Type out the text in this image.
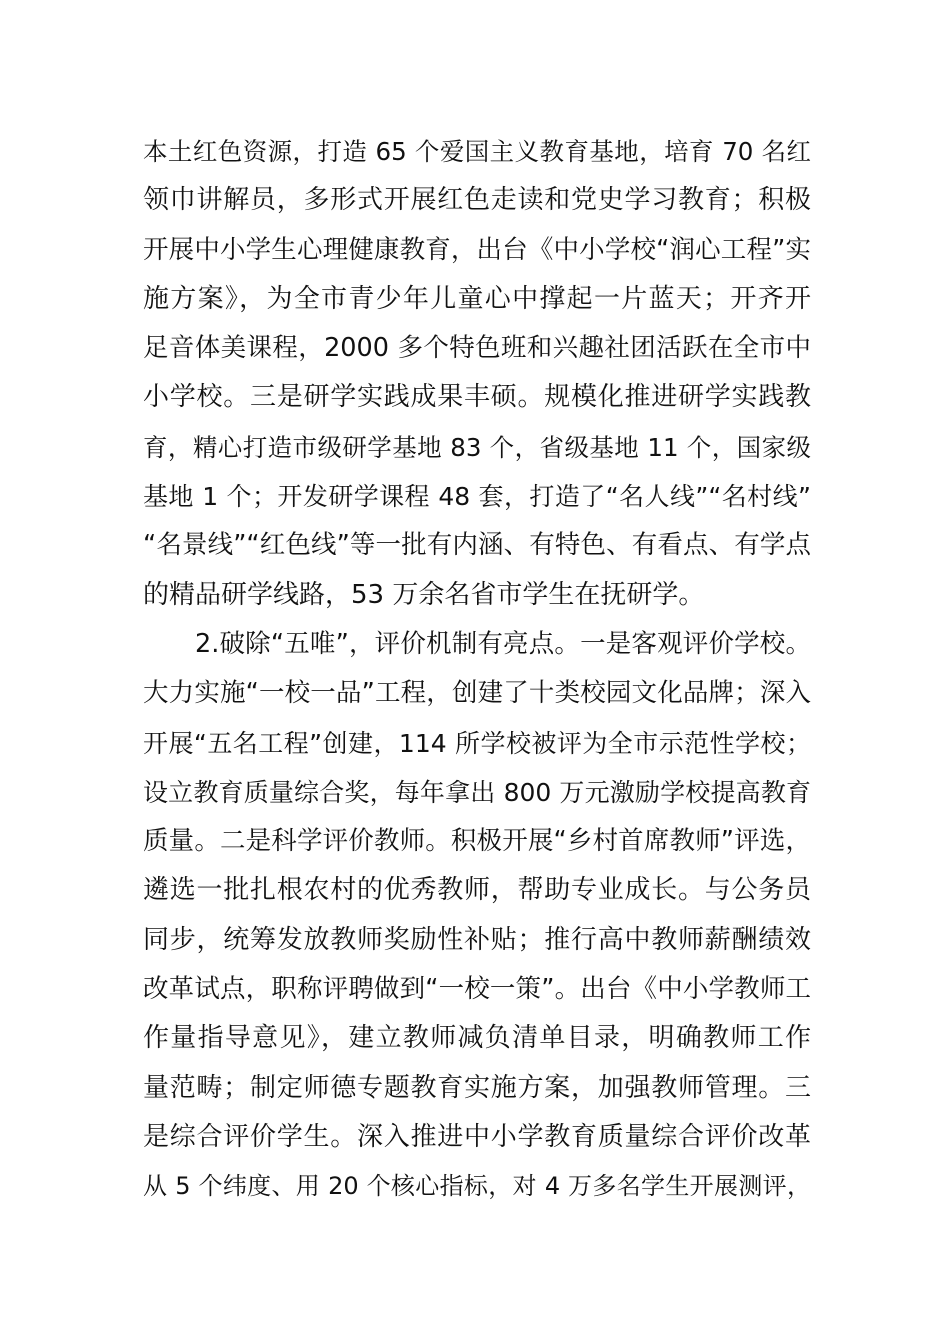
本土红色资源，打造 65 个爱国主义教育基地，培育 70 名红
领巾讲解员，多形式开展红色走读和党史学习教育；积极
开展中小学生心理健康教育，出台《中小学校“润心工程”实
施方案》，为全市青少年儿童心中撑起一片蓝天；开齐开
足音体美课程，2000 多个特色班和兴趣社团活跃在全市中
小学校。三是研学实践成果丰硕。规模化推进研学实践教
育，精心打造市级研学基地 83 个，省级基地 11 个，国家级
基地 1 个；开发研学课程 48 套，打造了“名人线”“名村线”
“名景线”“红色线”等一批有内涵、有特色、有看点、有学点
的精品研学线路，53 万余名省市学生在抚研学。
2.破除“五唯”，评价机制有亮点。一是客观评价学校。
大力实施“一校一品”工程，创建了十类校园文化品牌；深入
开展“五名工程”创建，114 所学校被评为全市示范性学校；
设立教育质量综合奖，每年拿出 800 万元激励学校提高教育
质量。二是科学评价教师。积极开展“乡村首席教师”评选，
遴选一批扎根农村的优秀教师，帮助专业成长。与公务员
同步，统筹发放教师奖励性补贴；推行高中教师薪酬绩效
改革试点，职称评聘做到“一校一策”。出台《中小学教师工
作量指导意见》，建立教师减负清单目录，明确教师工作
量范畴；制定师德专题教育实施方案，加强教师管理。三
是综合评价学生。深入推进中小学教育质量综合评价改革
从 5 个纬度、用 20 个核心指标，对 4 万多名学生开展测评，
